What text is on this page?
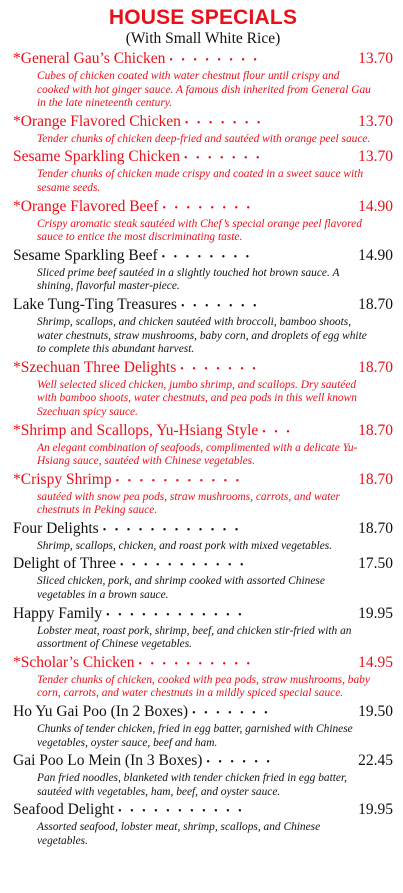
HOUSE SPECIALS
(With Small White Rice)
*General Gau’s Chicken • • • • • • • •	13.70
Cubes of chicken coated with water chestnut flour until crispy and cooked with hot ginger sauce. A famous dish inherited from General Gau in the late nineteenth century.
*Orange Flavored Chicken • • • • • • •	13.70
Tender chunks of chicken deep-fried and sautéed with orange peel sauce.
Sesame Sparkling Chicken • • • • • • •	13.70
Tender chunks of chicken made crispy and coated in a sweet sauce with sesame seeds.
*Orange Flavored Beef • • • • • • • •	14.90
Crispy aromatic steak sautéed with Chef’s special orange peel flavored sauce to entice the most discriminating taste.
Sesame Sparkling Beef • • • • • • • •	14.90
Sliced prime beef sautéed in a slightly touched hot brown sauce. A shining, flavorful master-piece.
Lake Tung-Ting Treasures • • • • • • •	18.70
Shrimp, scallops, and chicken sautéed with broccoli, bamboo shoots, water chestnuts, straw mushrooms, baby corn, and droplets of egg white to complete this abundant harvest.
*Szechuan Three Delights • • • • • • •	18.70
Well selected sliced chicken, jumbo shrimp, and scallops. Dry sautéed with bamboo shoots, water chestnuts, and pea pods in this well known Szechuan spicy sauce.
*Shrimp and Scallops, Yu-Hsiang Style • • •	18.70
An elegant combination of seafoods, complimented with a delicate Yu-Hsiang sauce, sautéed with Chinese vegetables.
*Crispy Shrimp • • • • • • • • • • •	18.70
sautéed with snow pea pods, straw mushrooms, carrots, and water chestnuts in Peking sauce.
Four Delights • • • • • • • • • • • •	18.70
Shrimp, scallops, chicken, and roast pork with mixed vegetables.
Delight of Three • • • • • • • • • • •	17.50
Sliced chicken, pork, and shrimp cooked with assorted Chinese vegetables in a brown sauce.
Happy Family • • • • • • • • • • • •	19.95
Lobster meat, roast pork, shrimp, beef, and chicken stir-fried with an assortment of Chinese vegetables.
*Scholar’s Chicken • • • • • • • • • •	14.95
Tender chunks of chicken, cooked with pea pods, straw mushrooms, baby corn, carrots, and water chestnuts in a mildly spiced special sauce.
Ho Yu Gai Poo (In 2 Boxes) • • • • • • •	19.50
Chunks of tender chicken, fried in egg batter, garnished with Chinese vegetables, oyster sauce, beef and ham.
Gai Poo Lo Mein (In 3 Boxes) • • • • • •	22.45
Pan fried noodles, blanketed with tender chicken fried in egg batter, sautéed with vegetables, ham, beef, and oyster sauce.
Seafood Delight • • • • • • • • • • •	19.95
Assorted seafood, lobster meat, shrimp, scallops, and Chinese vegetables.
